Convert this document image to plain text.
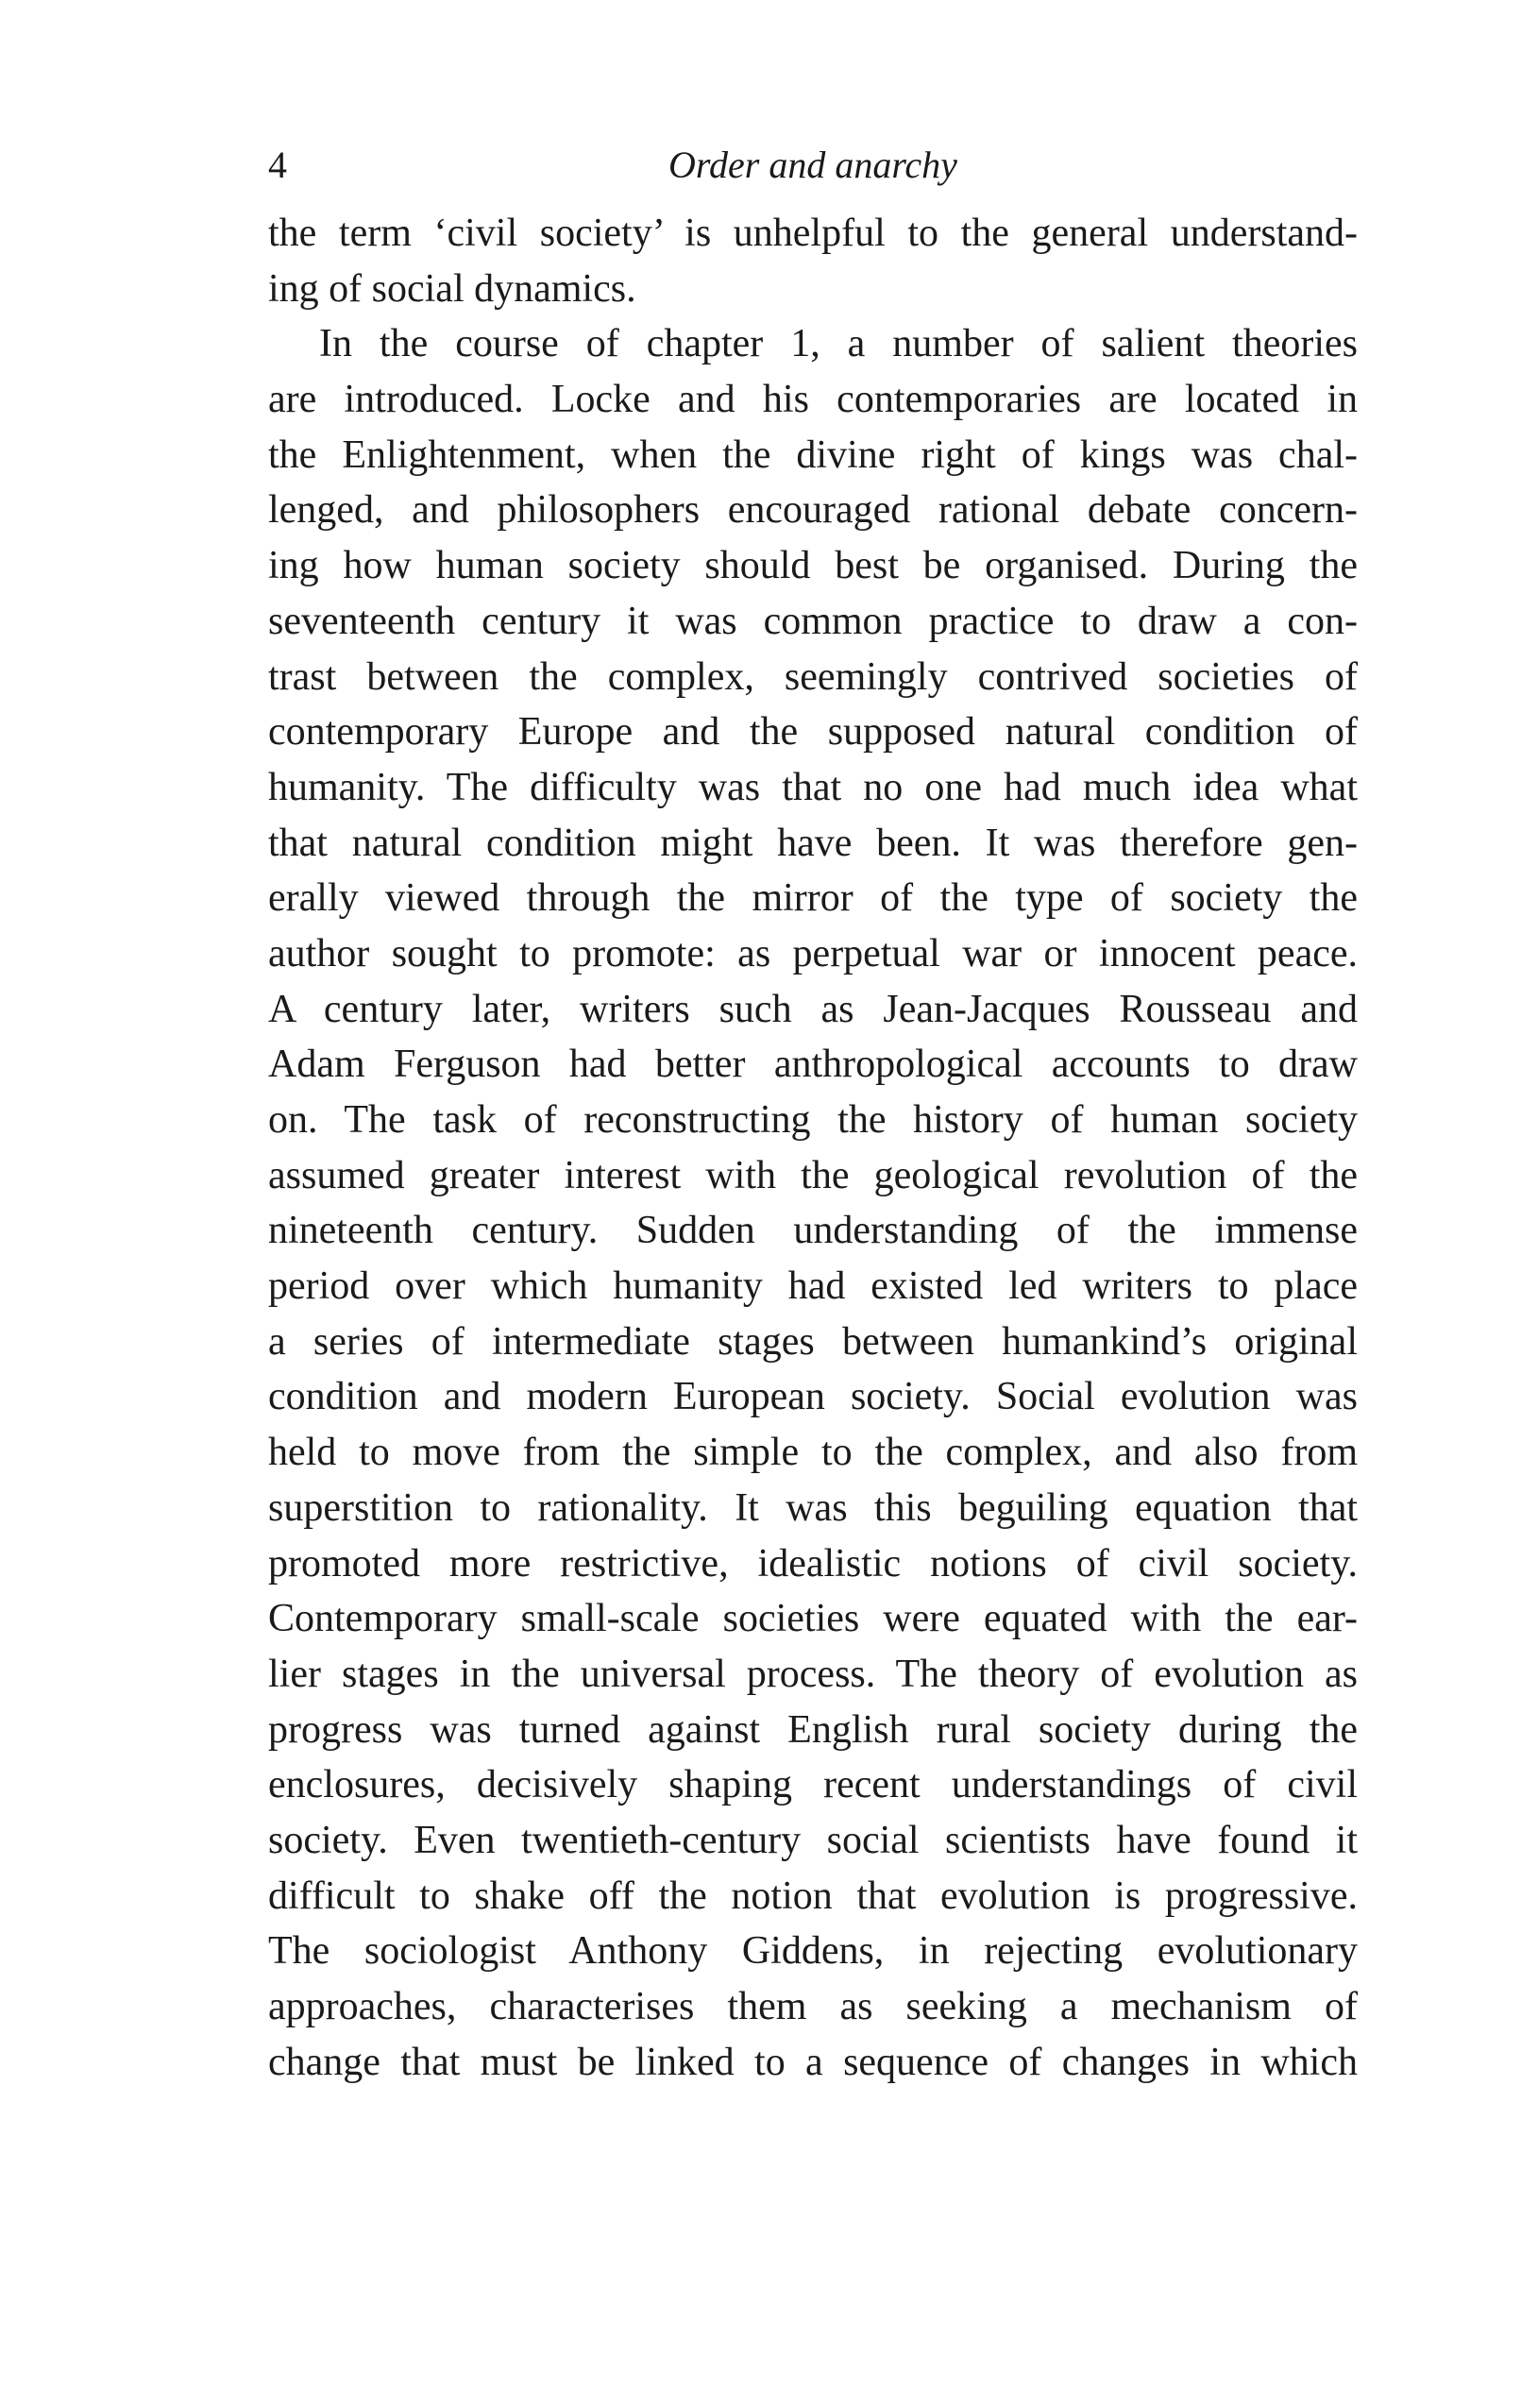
4	Order and anarchy
the term ‘civil society’ is unhelpful to the general understand-
ing of social dynamics.
In the course of chapter 1, a number of salient theories
are introduced. Locke and his contemporaries are located in
the Enlightenment, when the divine right of kings was chal-
lenged, and philosophers encouraged rational debate concern-
ing how human society should best be organised. During the
seventeenth century it was common practice to draw a con-
trast between the complex, seemingly contrived societies of
contemporary Europe and the supposed natural condition of
humanity. The difficulty was that no one had much idea what
that natural condition might have been. It was therefore gen-
erally viewed through the mirror of the type of society the
author sought to promote: as perpetual war or innocent peace.
A century later, writers such as Jean-Jacques Rousseau and
Adam Ferguson had better anthropological accounts to draw
on. The task of reconstructing the history of human society
assumed greater interest with the geological revolution of the
nineteenth century. Sudden understanding of the immense
period over which humanity had existed led writers to place
a series of intermediate stages between humankind’s original
condition and modern European society. Social evolution was
held to move from the simple to the complex, and also from
superstition to rationality. It was this beguiling equation that
promoted more restrictive, idealistic notions of civil society.
Contemporary small-scale societies were equated with the ear-
lier stages in the universal process. The theory of evolution as
progress was turned against English rural society during the
enclosures, decisively shaping recent understandings of civil
society. Even twentieth-century social scientists have found it
difficult to shake off the notion that evolution is progressive.
The sociologist Anthony Giddens, in rejecting evolutionary
approaches, characterises them as seeking a mechanism of
change that must be linked to a sequence of changes in which
